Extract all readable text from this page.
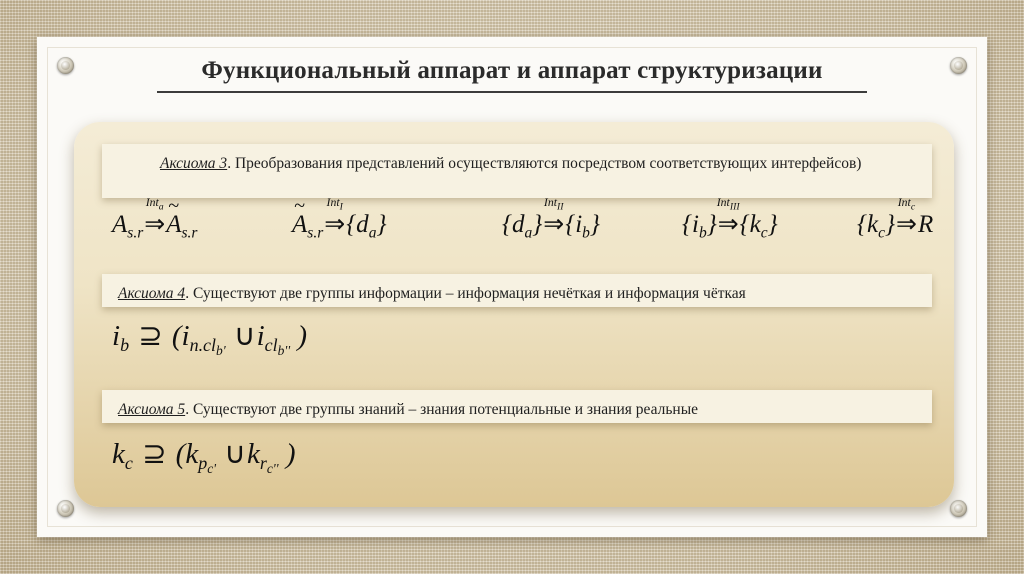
Функциональный аппарат и аппарат структуризации
Аксиома 3. Преобразования представлений осуществляются посредством соответствующих интерфейсов)
$A_{s.r}$
Int$_a$
⇒
~
$A_{s.r}$
~
$A_{s.r}$
Int$_I$
$\Rightarrow\{d_a\}$	$\{d_a\}$
Int$_{II}$
$\Rightarrow\{i_b\}$	$\{i_b\}$
Int$_{III}$
$\Rightarrow\{k_c\}$	$\{k_c\}$
Int$_c$
⇒R
Аксиома 4. Существуют две группы информации – информация нечёткая и информация чёткая
$i_b$ ⊇ ($i_{n.cl_{b'}}$ $\cup i_{cl_{b''}}$ )
Аксиома 5. Существуют две группы знаний – знания потенциальные и знания реальные
$k_c$ ⊇ ($k_{p_{c'}}$ $\cup k_{r_{c''}}$ )
